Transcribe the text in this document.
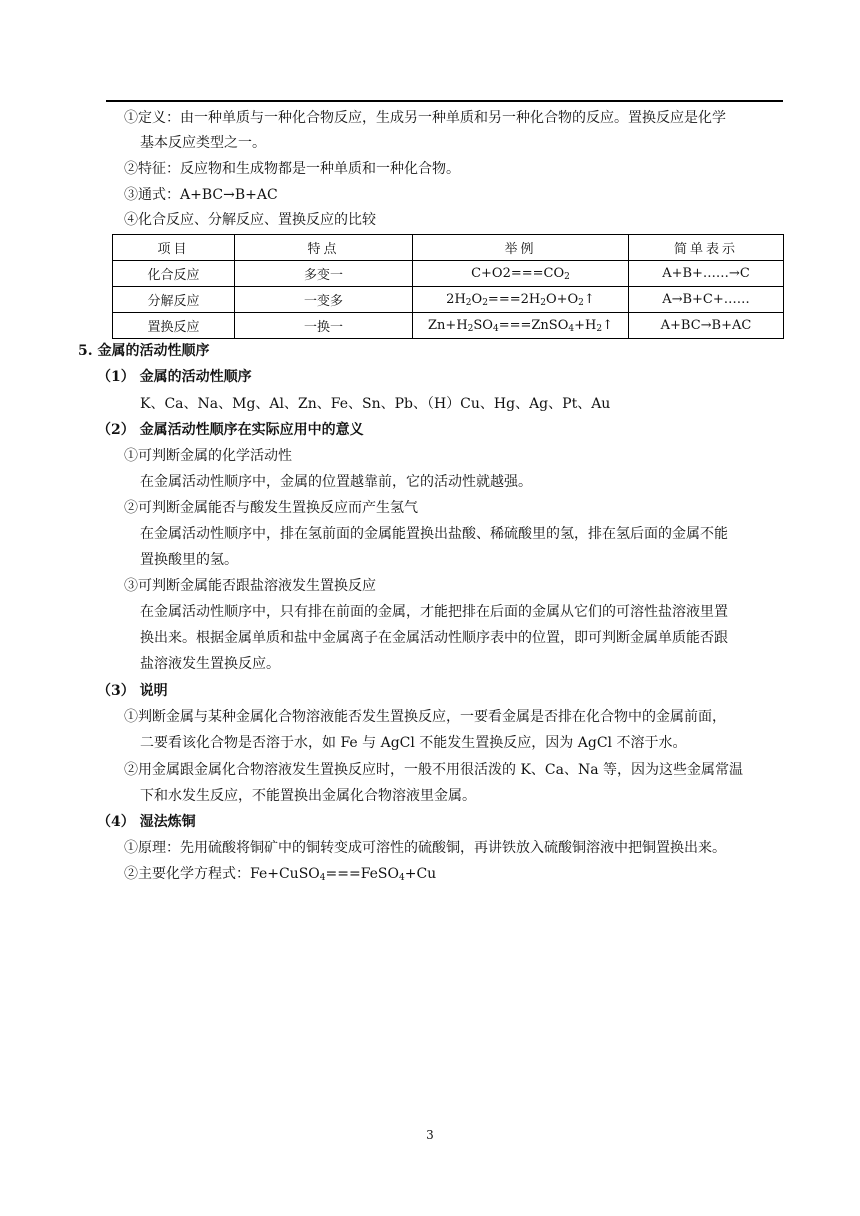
①定义：由一种单质与一种化合物反应，生成另一种单质和另一种化合物的反应。置换反应是化学
基本反应类型之一。
②特征：反应物和生成物都是一种单质和一种化合物。
③通式：A+BC→B+AC
④化合反应、分解反应、置换反应的比较
项目	特点	举例	简单表示
化合反应	多变一	$C+O2===CO_2$	A+B+……→C
分解反应	一变多	$2H_2O_2===2H_2O+O_2↑$	A→B+C+……
置换反应	一换一	$Zn+H_2SO_4===ZnSO_4+H_2↑$	A+BC→B+AC
5. 金属的活动性顺序
（1） 金属的活动性顺序
K、Ca、Na、Mg、Al、Zn、Fe、Sn、Pb、（H）Cu、Hg、Ag、Pt、Au
（2） 金属活动性顺序在实际应用中的意义
①可判断金属的化学活动性
在金属活动性顺序中，金属的位置越靠前，它的活动性就越强。
②可判断金属能否与酸发生置换反应而产生氢气
在金属活动性顺序中，排在氢前面的金属能置换出盐酸、稀硫酸里的氢，排在氢后面的金属不能
置换酸里的氢。
③可判断金属能否跟盐溶液发生置换反应
在金属活动性顺序中，只有排在前面的金属，才能把排在后面的金属从它们的可溶性盐溶液里置
换出来。根据金属单质和盐中金属离子在金属活动性顺序表中的位置，即可判断金属单质能否跟
盐溶液发生置换反应。
（3） 说明
①判断金属与某种金属化合物溶液能否发生置换反应，一要看金属是否排在化合物中的金属前面，
二要看该化合物是否溶于水，如 Fe 与 AgCl 不能发生置换反应，因为 AgCl 不溶于水。
②用金属跟金属化合物溶液发生置换反应时，一般不用很活泼的 K、Ca、Na 等，因为这些金属常温
下和水发生反应，不能置换出金属化合物溶液里金属。
（4） 湿法炼铜
①原理：先用硫酸将铜矿中的铜转变成可溶性的硫酸铜，再讲铁放入硫酸铜溶液中把铜置换出来。
②主要化学方程式：Fe+CuSO$_4$===FeSO$_4$+Cu
3
